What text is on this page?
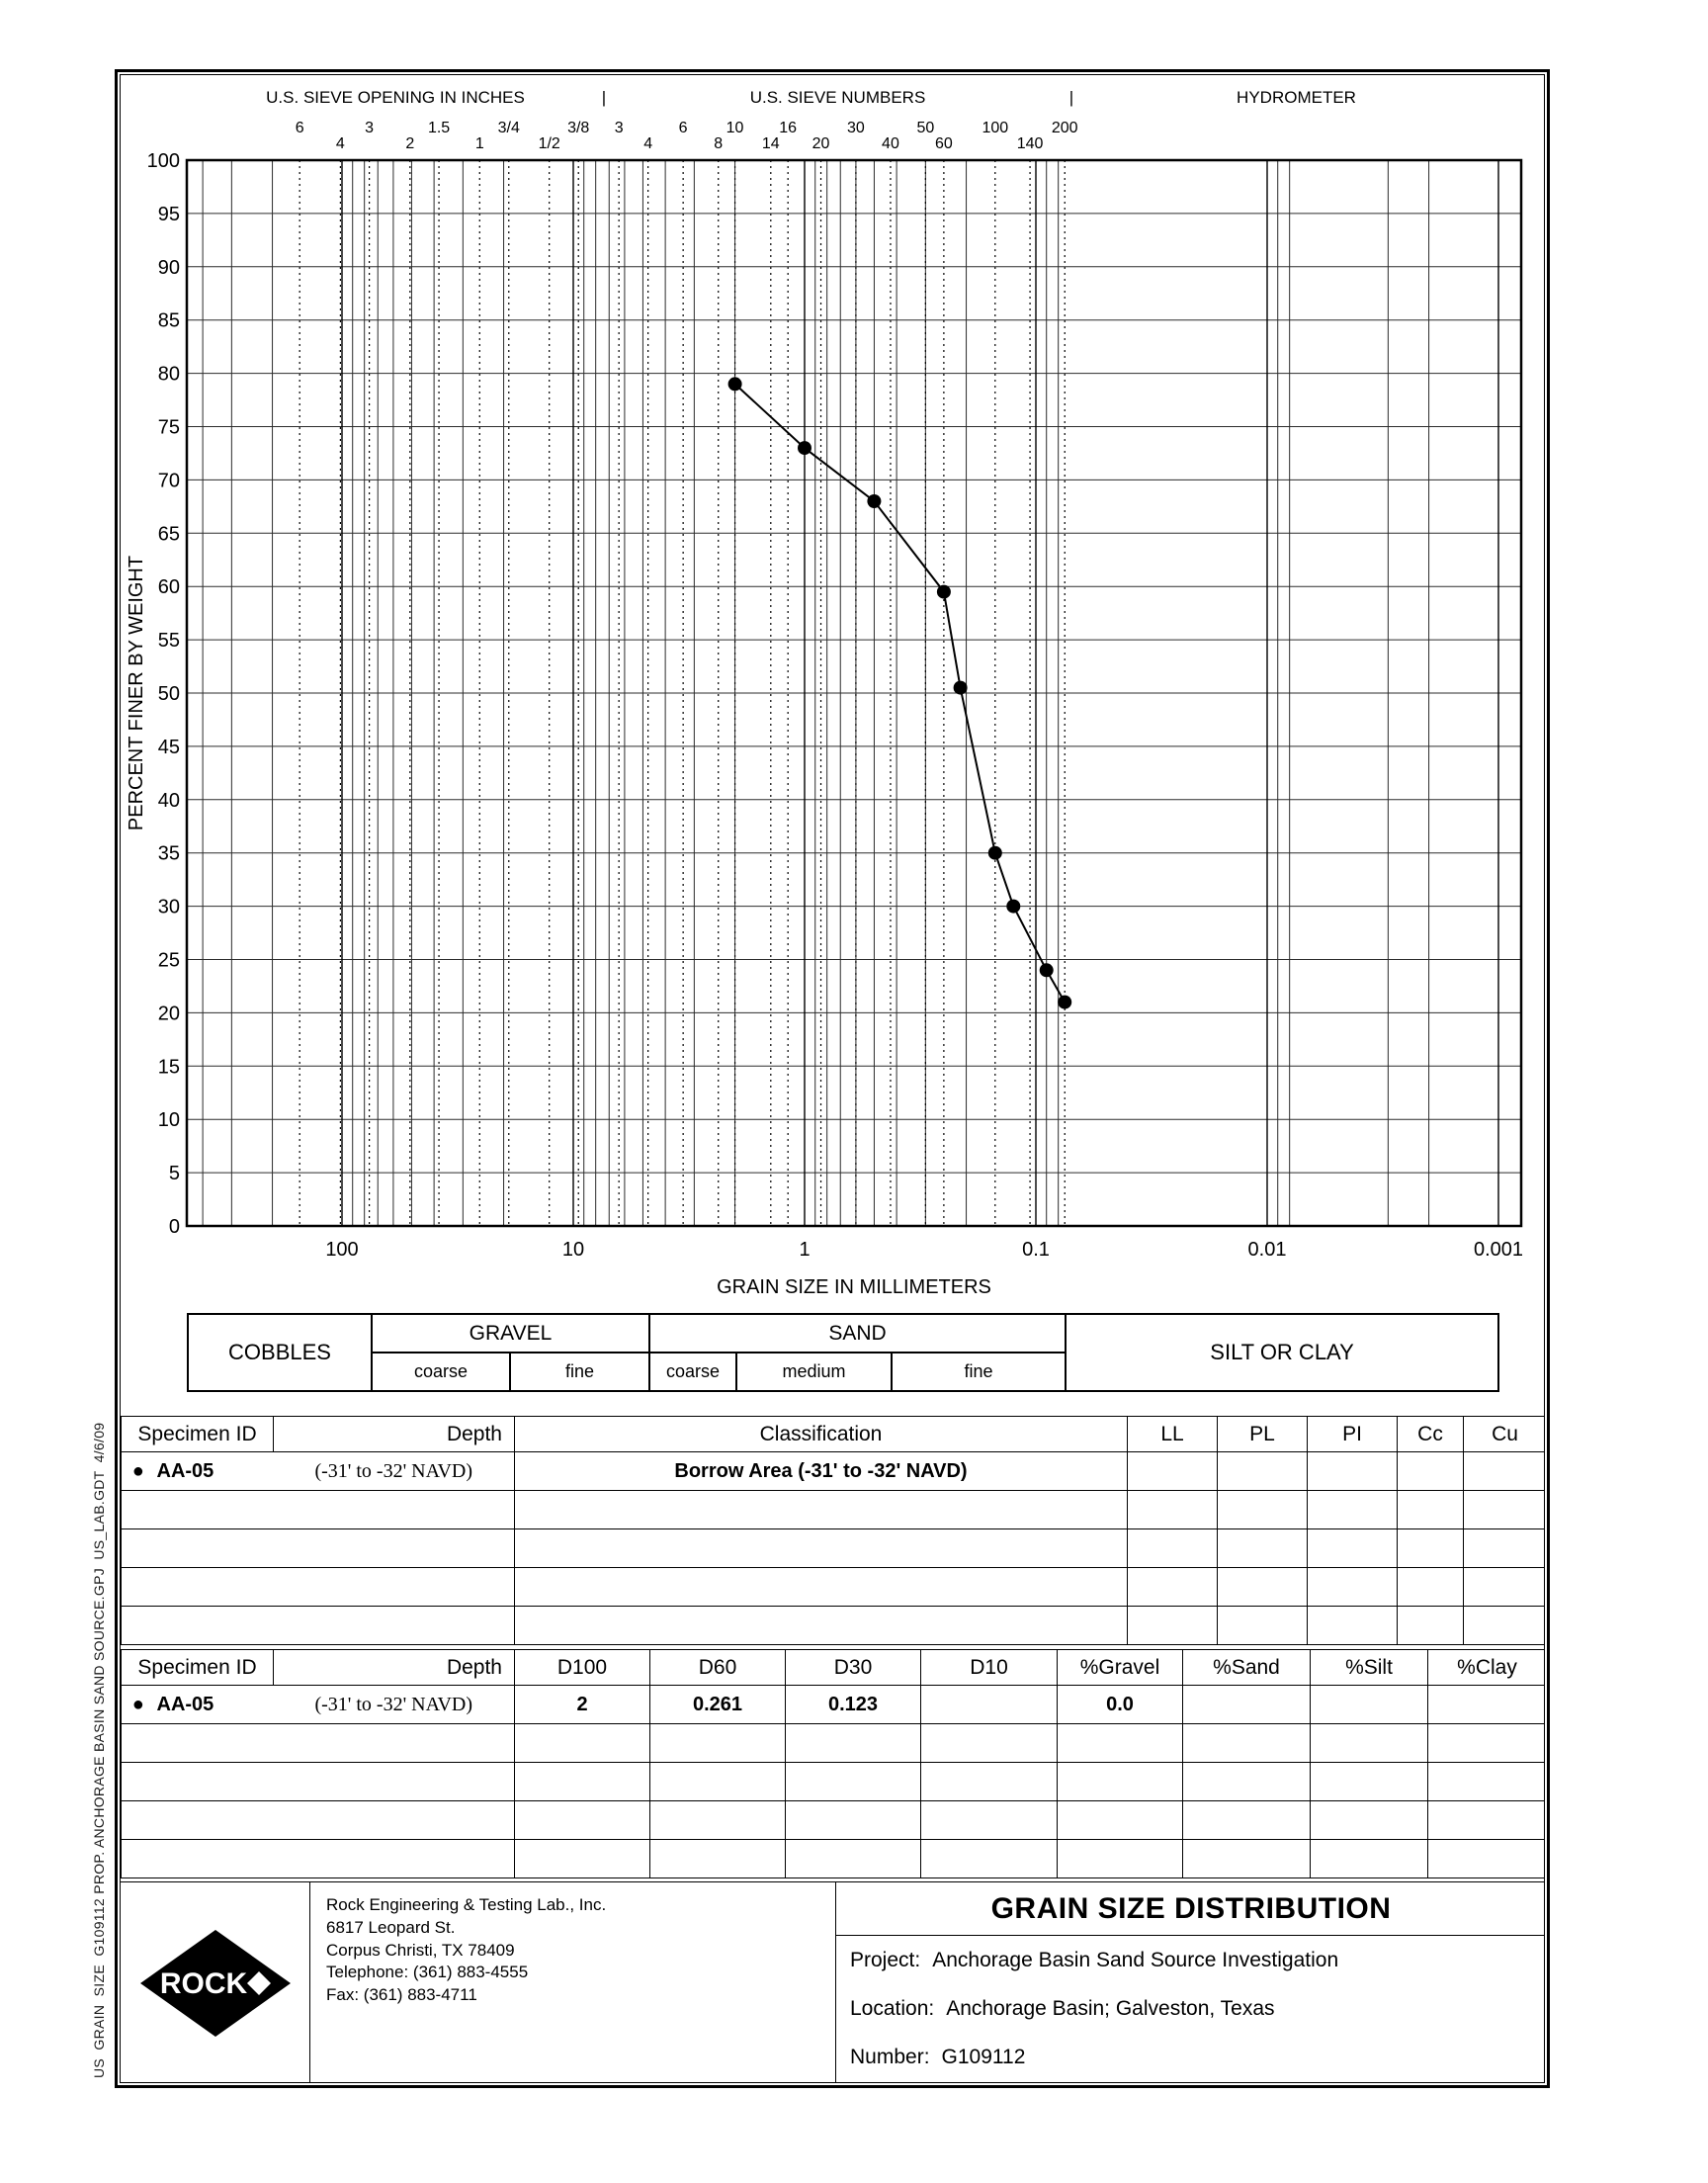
US  GRAIN  SIZE  G109112 PROP. ANCHORAGE BASIN SAND SOURCE.GPJ  US_LAB.GDT  4/6/09
0
5
10
15
20
25
30
35
40
45
50
55
60
65
70
75
80
85
90
95
100
100	10	1	0.1	0.01	0.001
6
4
3
2
1.5
1
3/4
1/2
3/8 3
4
6
8
10
14
16
20
30
40
50
60
100
140
200
U.S. SIEVE OPENING IN INCHES	U.S. SIEVE NUMBERS	HYDROMETER
|	|
PERCENT FINER BY WEIGHT
GRAIN SIZE IN MILLIMETERS
COBBLES	GRAVEL		SAND			SILT OR CLAY
	coarse	fine	coarse	medium	fine	
Specimen ID		Depth	Classification	LL	PL	PI	Cc	Cu
●	AA-05	(-31' to -32' NAVD)	Borrow Area (-31' to -32' NAVD)					

Specimen ID		Depth	D100	D60	D30	D10	%Gravel	%Sand	%Silt	%Clay
●	AA-05	(-31' to -32' NAVD)	2	0.261	0.123		0.0			

ROCK
Rock Engineering & Testing Lab., Inc.
6817 Leopard St.
Corpus Christi, TX 78409
Telephone: (361) 883-4555
Fax: (361) 883-4711
GRAIN SIZE DISTRIBUTION
Project: Anchorage Basin Sand Source Investigation
Location: Anchorage Basin; Galveston, Texas
Number: G109112
